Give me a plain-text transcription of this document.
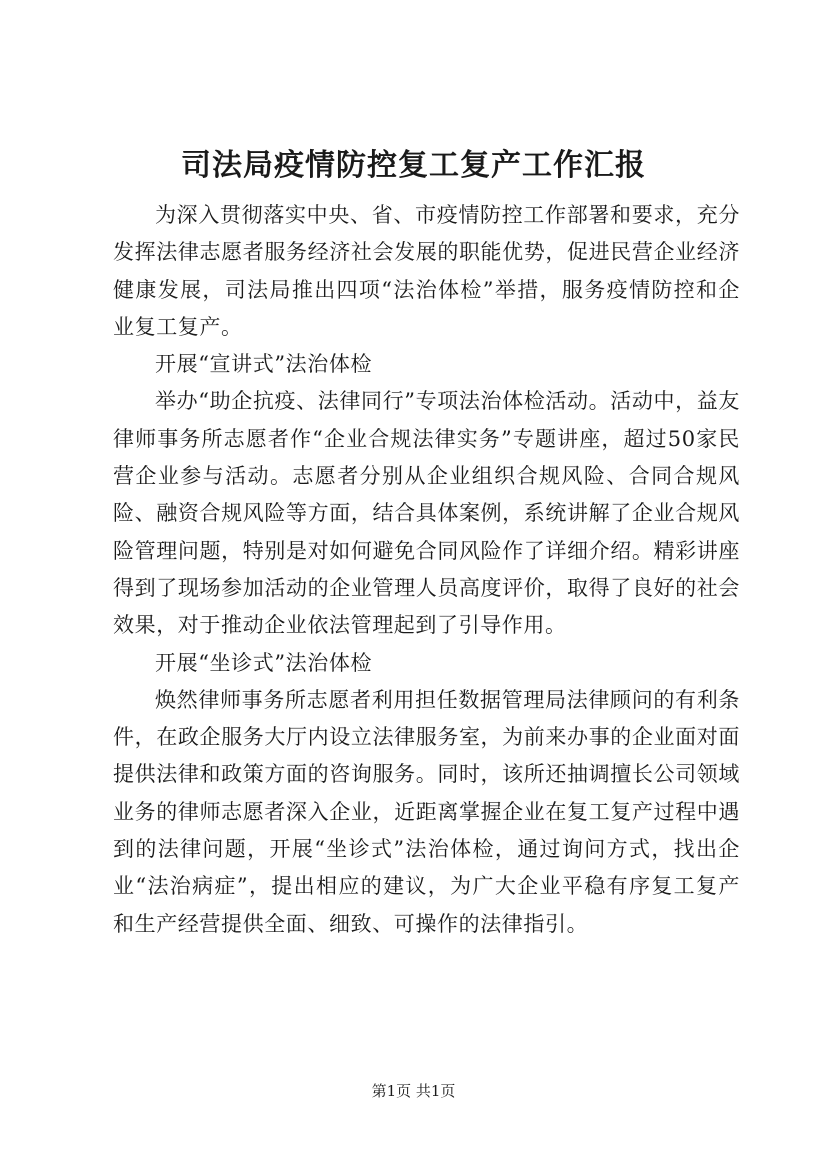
司法局疫情防控复工复产工作汇报

为深入贯彻落实中央、省、市疫情防控工作部署和要求，充分发挥法律志愿者服务经济社会发展的职能优势，促进民营企业经济健康发展，司法局推出四项“法治体检”举措，服务疫情防控和企业复工复产。

开展“宣讲式”法治体检

举办“助企抗疫、法律同行”专项法治体检活动。活动中，益友律师事务所志愿者作“企业合规法律实务”专题讲座，超过50家民营企业参与活动。志愿者分别从企业组织合规风险、合同合规风险、融资合规风险等方面，结合具体案例，系统讲解了企业合规风险管理问题，特别是对如何避免合同风险作了详细介绍。精彩讲座得到了现场参加活动的企业管理人员高度评价，取得了良好的社会效果，对于推动企业依法管理起到了引导作用。

开展“坐诊式”法治体检

焕然律师事务所志愿者利用担任数据管理局法律顾问的有利条件，在政企服务大厅内设立法律服务室，为前来办事的企业面对面提供法律和政策方面的咨询服务。同时，该所还抽调擅长公司领域业务的律师志愿者深入企业，近距离掌握企业在复工复产过程中遇到的法律问题，开展“坐诊式”法治体检，通过询问方式，找出企业“法治病症”，提出相应的建议，为广大企业平稳有序复工复产和生产经营提供全面、细致、可操作的法律指引。

第1页 共1页
